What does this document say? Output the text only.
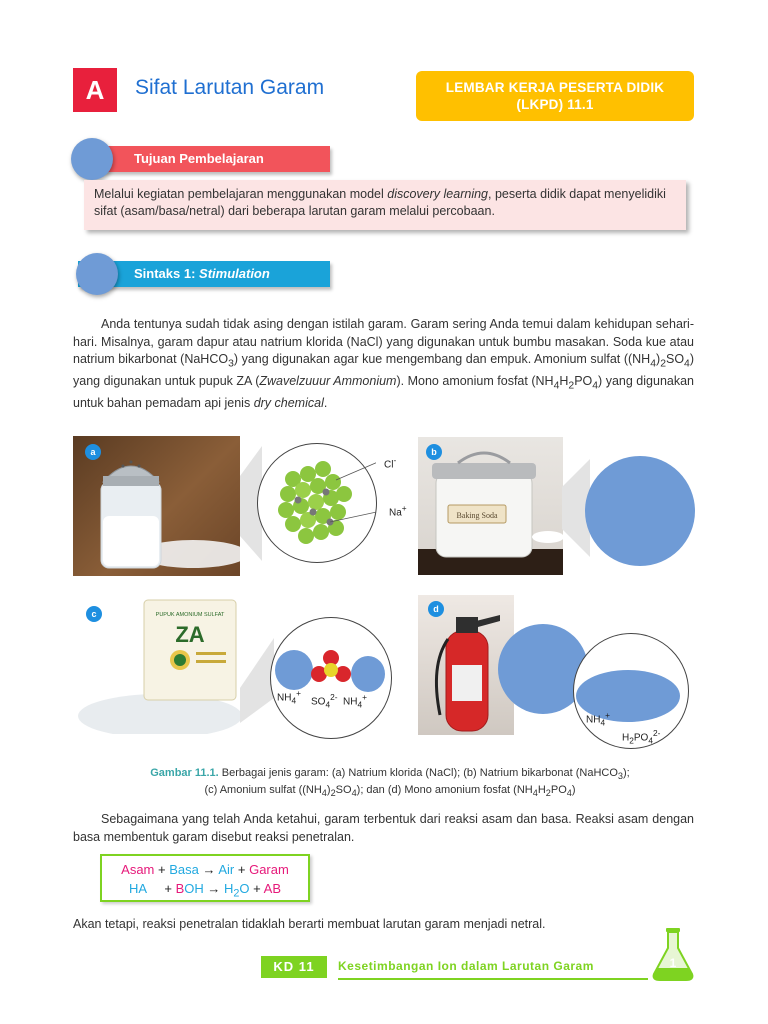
A	Sifat Larutan Garam	LEMBAR KERJA PESERTA DIDIK
(LKPD) 11.1
Tujuan Pembelajaran
Melalui kegiatan pembelajaran menggunakan model discovery learning, peserta didik dapat menyelidiki sifat (asam/basa/netral) dari beberapa larutan garam melalui percobaan.
Sintaks 1: Stimulation
Anda tentunya sudah tidak asing dengan istilah garam. Garam sering Anda temui dalam kehidupan sehari-hari. Misalnya, garam dapur atau natrium klorida (NaCl) yang digunakan untuk bumbu masakan. Soda kue atau natrium bikarbonat (NaHCO$_3$) yang digunakan agar kue mengembang dan empuk. Amonium sulfat $((NH_4)_2SO_4)$ yang digunakan untuk pupuk ZA (Zwavelzuuur Ammonium). Mono amonium fosfat $(NH_4H_2PO_4)$ yang digunakan untuk bahan pemadam api jenis dry chemical.
a
Cl-
Na+
Baking Soda
b
PUPUK AMONIUM SULFAT
ZA
c
$NH_4^+$
$SO_4^{2-}$ $NH_4^+$
d
$NH_4^+$
$H_2PO_4^{2-}$
Gambar 11.1. Berbagai jenis garam: (a) Natrium klorida (NaCl); (b) Natrium bikarbonat (NaHCO$_3$);
(c) Amonium sulfat $((NH_4)_2SO_4)$; dan (d) Mono amonium fosfat $(NH_4H_2PO_4)$
Sebagaimana yang telah Anda ketahui, garam terbentuk dari reaksi asam dan basa. Reaksi asam dengan basa membentuk garam disebut reaksi penetralan.
Asam + Basa → Air + Garam
HA     + BOH → $H_2O$ + AB
Akan tetapi, reaksi penetralan tidaklah berarti membuat larutan garam menjadi netral.
KD 11	Kesetimbangan Ion dalam Larutan Garam	1
